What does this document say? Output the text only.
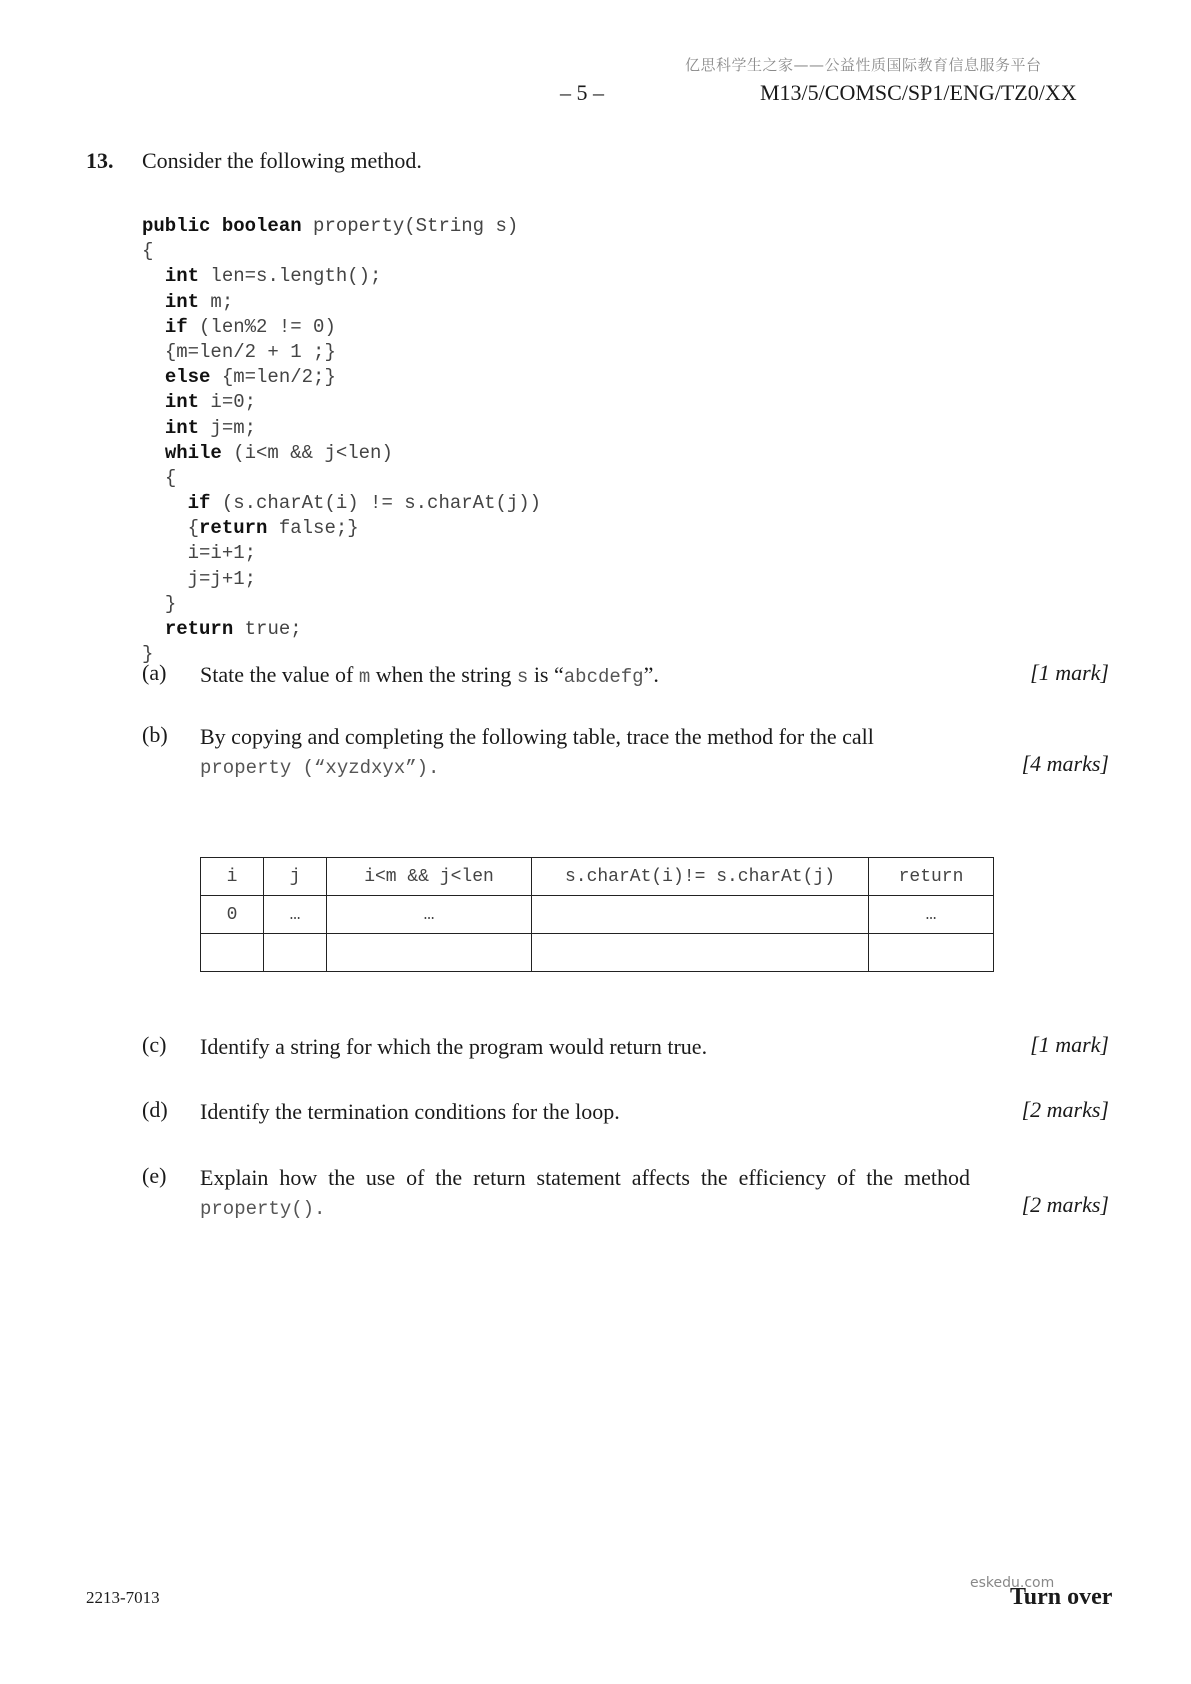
亿思科学生之家——公益性质国际教育信息服务平台
– 5 –	M13/5/COMSC/SP1/ENG/TZ0/XX
13. Consider the following method.
public boolean property(String s)
{
int len=s.length();
int m;
if (len%2 != 0)
{m=len/2 + 1 ;}
else {m=len/2;}
int i=0;
int j=m;
while (i<m && j<len)
{
if (s.charAt(i) != s.charAt(j))
{return false;}
i=i+1;
j=j+1;
}
return true;
}
(a) State the value of m when the string s is “abcdefg”.	[1 mark]
(b) By copying and completing the following table, trace the method for the call
property (“xyzdxyx”).	[4 marks]
i	j	i<m && j<len	s.charAt(i)!= s.charAt(j)	return
0	…	…		…

(c) Identify a string for which the program would return true.	[1 mark]
(d) Identify the termination conditions for the loop.	[2 marks]
(e) Explain how the use of the return statement affects the efficiency of the method property().	[2 marks]
2213-7013
eskedu.com
Turn over
